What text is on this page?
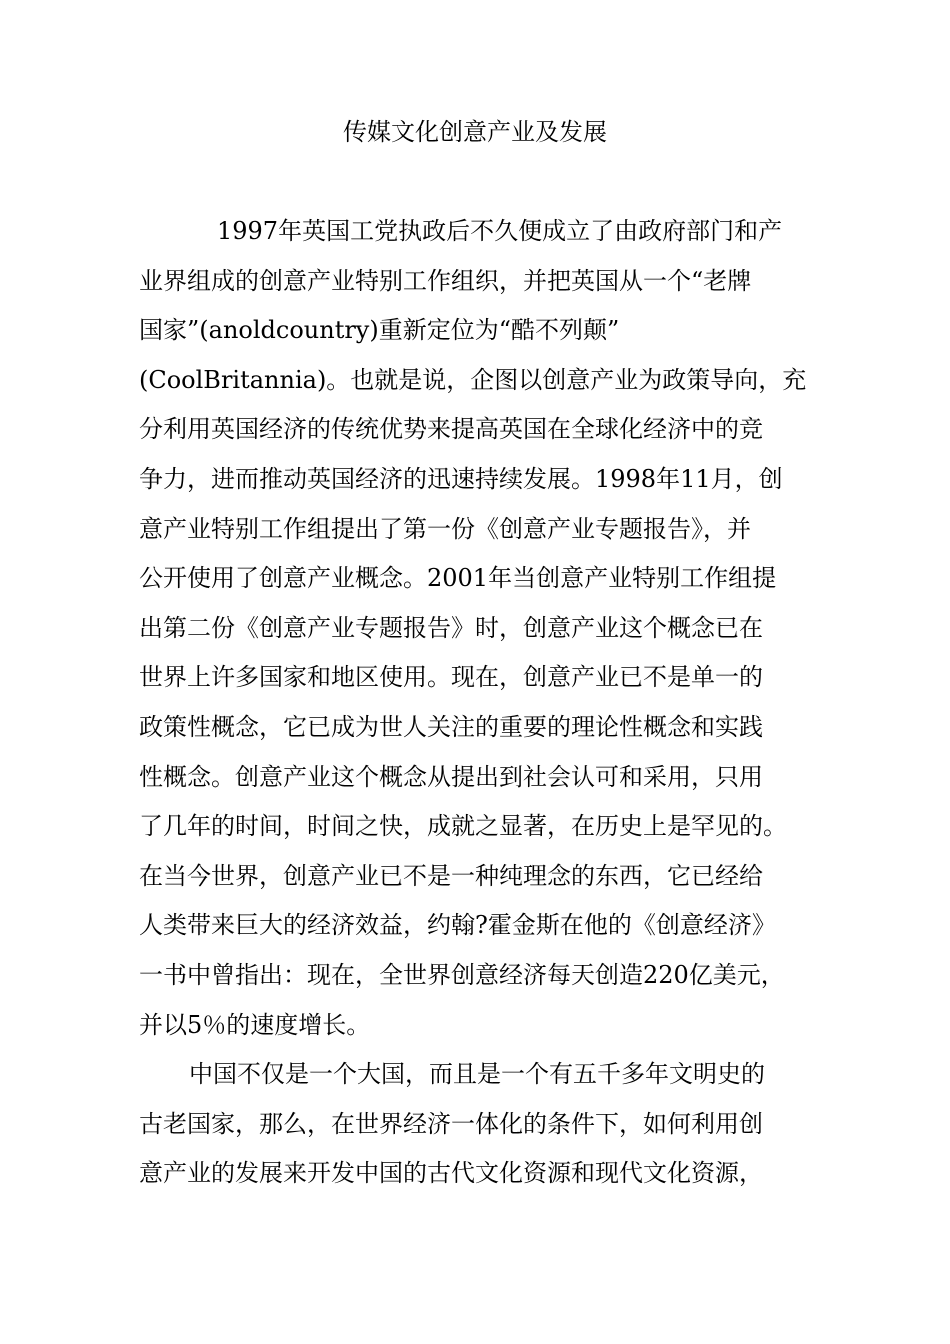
传媒文化创意产业及发展
1997年英国工党执政后不久便成立了由政府部门和产
业界组成的创意产业特别工作组织，并把英国从一个“老牌
国家”(anoldcountry)重新定位为“酷不列颠”
(CoolBritannia)。也就是说，企图以创意产业为政策导向，充
分利用英国经济的传统优势来提高英国在全球化经济中的竞
争力，进而推动英国经济的迅速持续发展。1998年11月，创
意产业特别工作组提出了第一份《创意产业专题报告》，并
公开使用了创意产业概念。2001年当创意产业特别工作组提
出第二份《创意产业专题报告》时，创意产业这个概念已在
世界上许多国家和地区使用。现在，创意产业已不是单一的
政策性概念，它已成为世人关注的重要的理论性概念和实践
性概念。创意产业这个概念从提出到社会认可和采用，只用
了几年的时间，时间之快，成就之显著，在历史上是罕见的。
在当今世界，创意产业已不是一种纯理念的东西，它已经给
人类带来巨大的经济效益，约翰?霍金斯在他的《创意经济》
一书中曾指出：现在，全世界创意经济每天创造220亿美元，
并以5％的速度增长。
中国不仅是一个大国，而且是一个有五千多年文明史的
古老国家，那么，在世界经济一体化的条件下，如何利用创
意产业的发展来开发中国的古代文化资源和现代文化资源，
